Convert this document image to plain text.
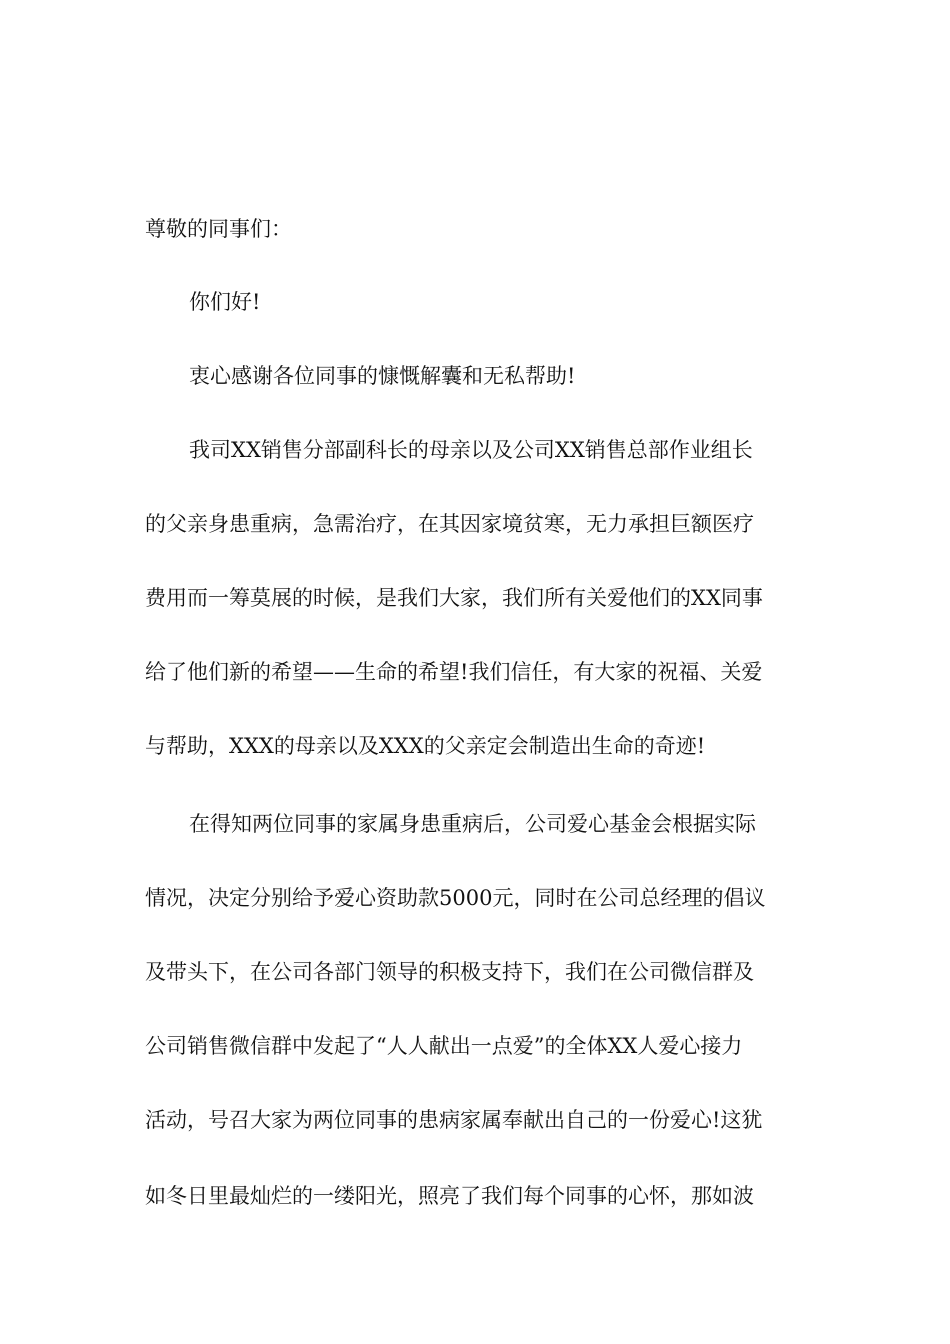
尊敬的同事们：

你们好!

衷心感谢各位同事的慷慨解囊和无私帮助!

我司XX销售分部副科长的母亲以及公司XX销售总部作业组长

的父亲身患重病，急需治疗，在其因家境贫寒，无力承担巨额医疗

费用而一筹莫展的时候，是我们大家，我们所有关爱他们的XX同事

给了他们新的希望——生命的希望!我们信任，有大家的祝福、关爱

与帮助，XXX的母亲以及XXX的父亲定会制造出生命的奇迹!

在得知两位同事的家属身患重病后，公司爱心基金会根据实际

情况，决定分别给予爱心资助款5000元，同时在公司总经理的倡议

及带头下，在公司各部门领导的积极支持下，我们在公司微信群及

公司销售微信群中发起了“人人献出一点爱”的全体XX人爱心接力

活动，号召大家为两位同事的患病家属奉献出自己的一份爱心!这犹

如冬日里最灿烂的一缕阳光，照亮了我们每个同事的心怀，那如波
